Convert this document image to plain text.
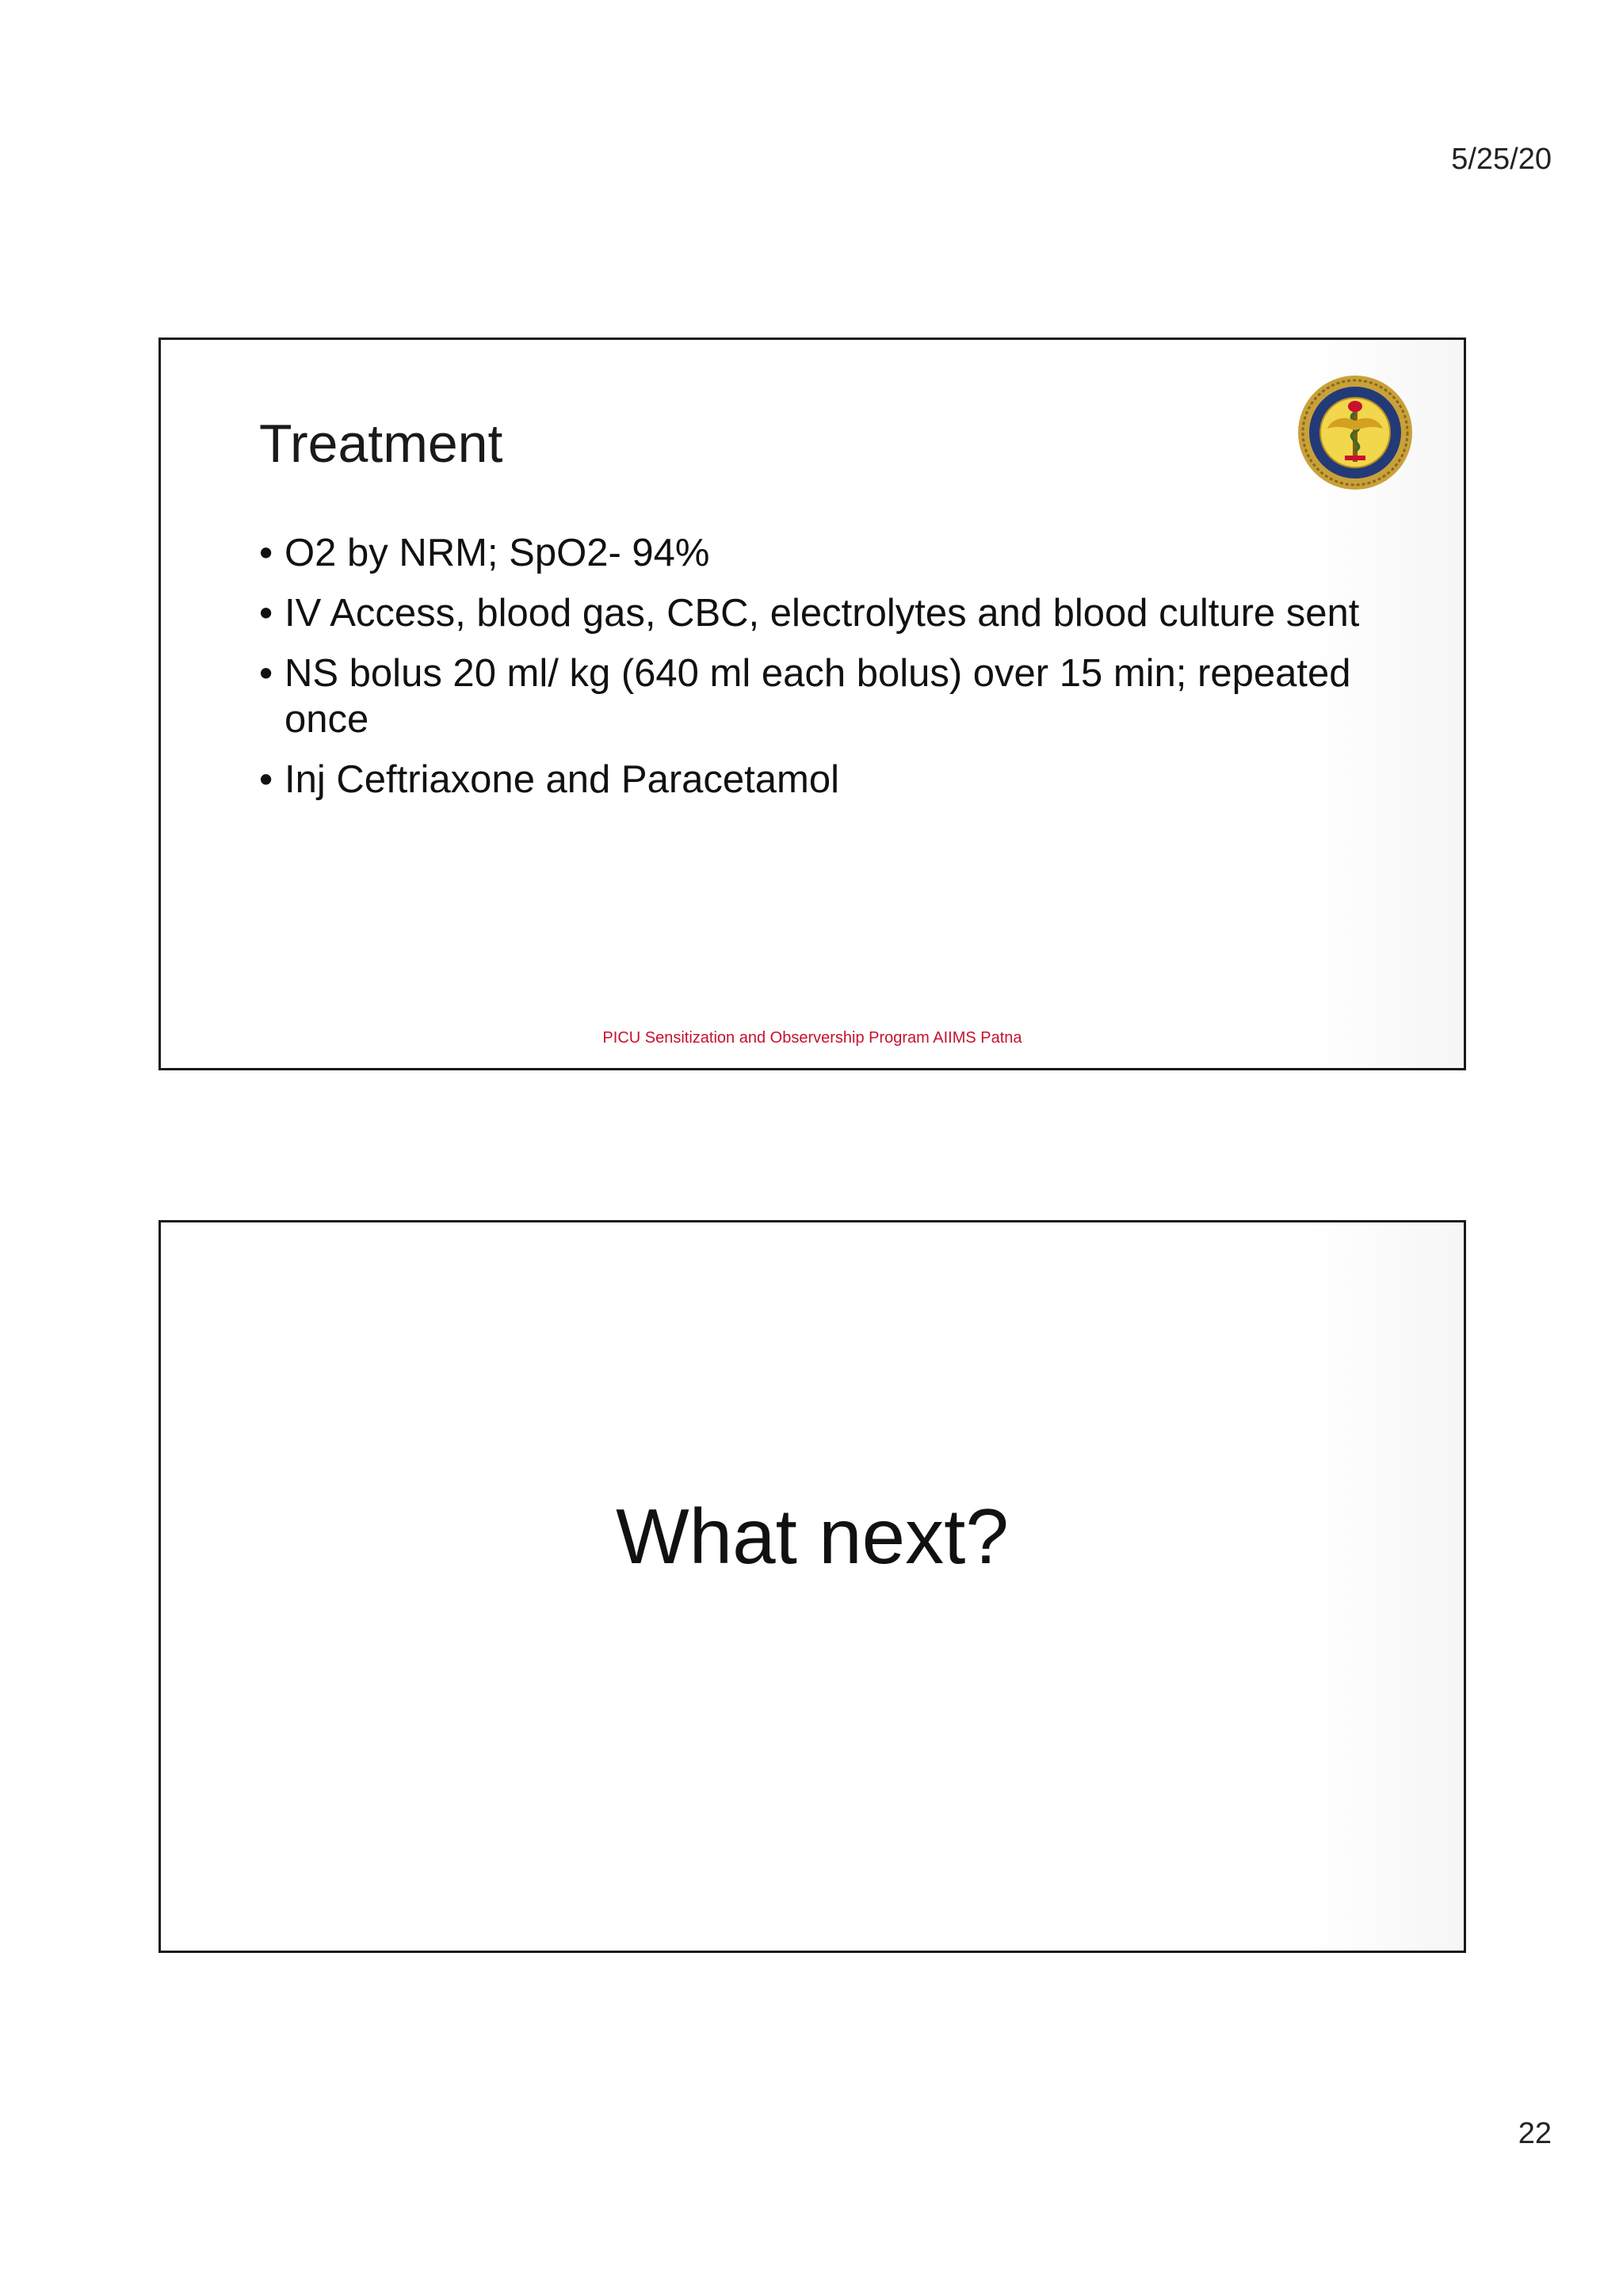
5/25/20
Treatment
• O2 by NRM; SpO2- 94%
• IV Access, blood gas, CBC, electrolytes and blood culture sent
• NS bolus 20 ml/ kg (640 ml each bolus) over 15 min; repeated once
• Inj Ceftriaxone and Paracetamol
PICU Sensitization and Observership Program AIIMS Patna
What next?
22
